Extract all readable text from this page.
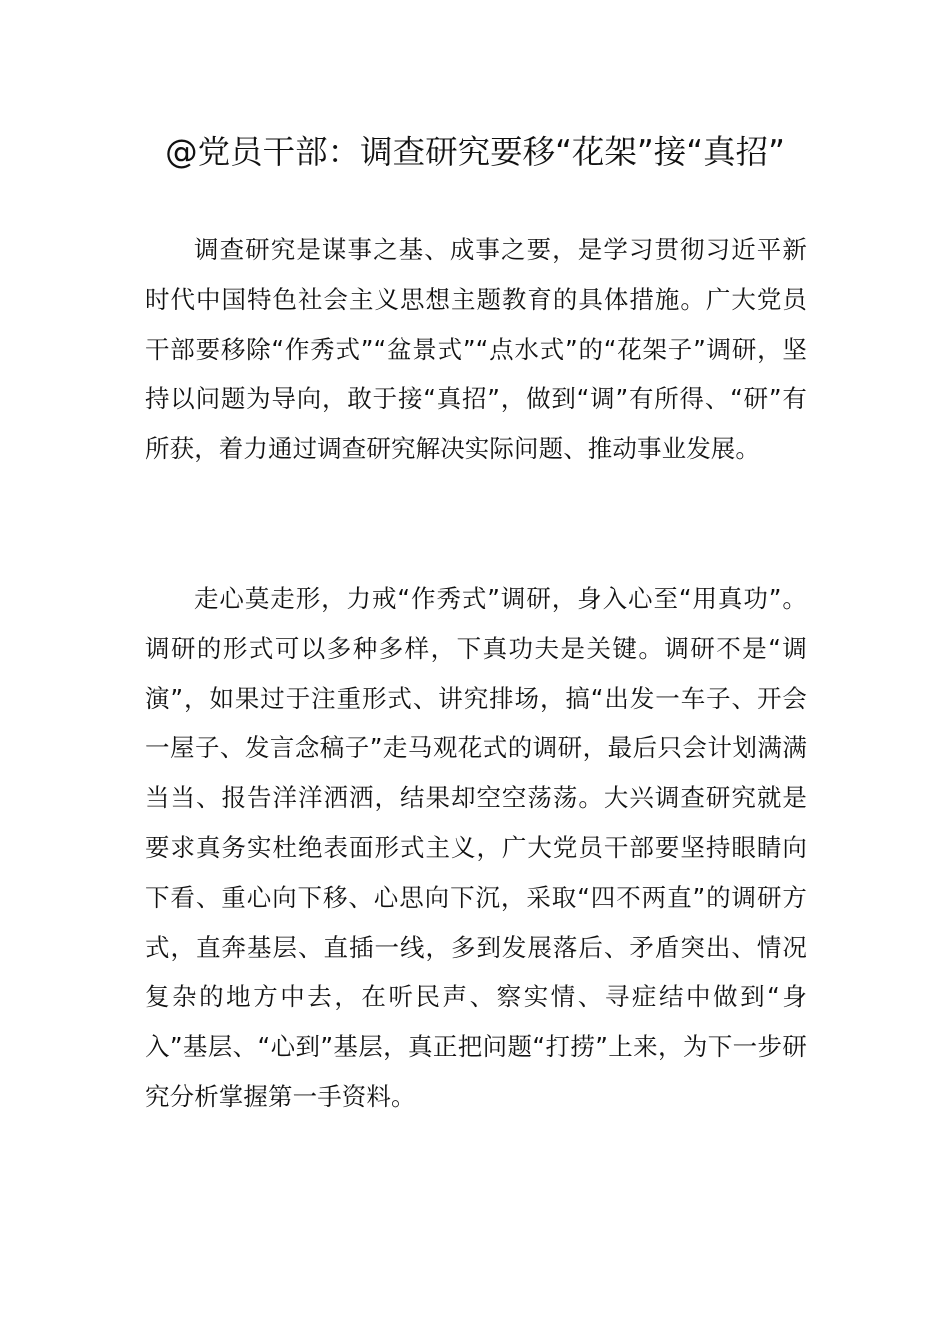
@党员干部：调查研究要移“花架”接“真招”

调查研究是谋事之基、成事之要，是学习贯彻习近平新时代中国特色社会主义思想主题教育的具体措施。广大党员干部要移除“作秀式”“盆景式”“点水式”的“花架子”调研，坚持以问题为导向，敢于接“真招”，做到“调”有所得、“研”有所获，着力通过调查研究解决实际问题、推动事业发展。

走心莫走形，力戒“作秀式”调研，身入心至“用真功”。调研的形式可以多种多样，下真功夫是关键。调研不是“调演”，如果过于注重形式、讲究排场，搞“出发一车子、开会一屋子、发言念稿子”走马观花式的调研，最后只会计划满满当当、报告洋洋洒洒，结果却空空荡荡。大兴调查研究就是要求真务实杜绝表面形式主义，广大党员干部要坚持眼睛向下看、重心向下移、心思向下沉，采取“四不两直”的调研方式，直奔基层、直插一线，多到发展落后、矛盾突出、情况复杂的地方中去，在听民声、察实情、寻症结中做到“身入”基层、“心到”基层，真正把问题“打捞”上来，为下一步研究分析掌握第一手资料。
